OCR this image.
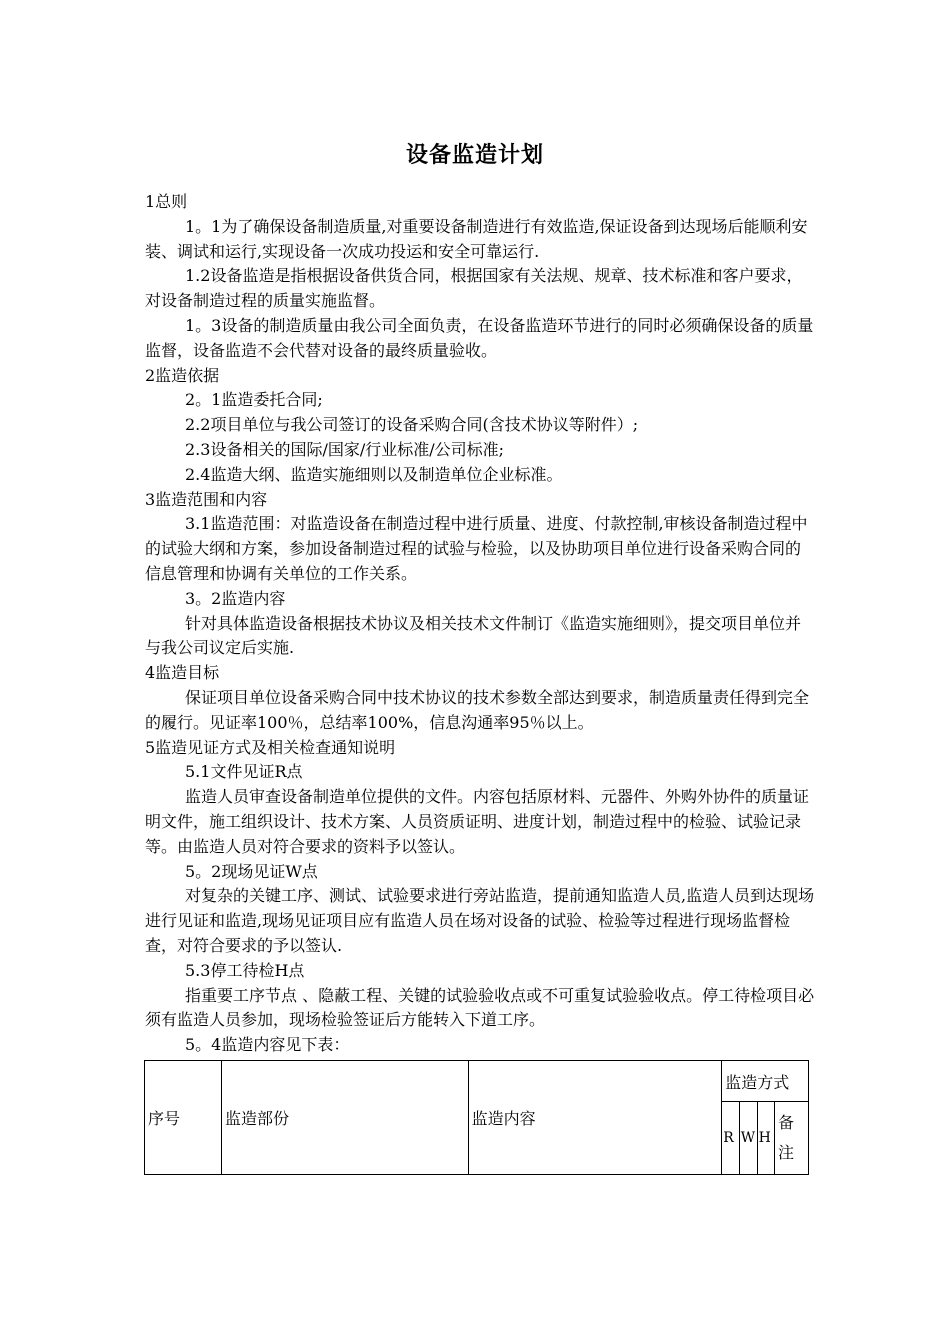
设备监造计划

1总则

1。1为了确保设备制造质量,对重要设备制造进行有效监造,保证设备到达现场后能顺利安装、调试和运行,实现设备一次成功投运和安全可靠运行.

1.2设备监造是指根据设备供货合同，根据国家有关法规、规章、技术标准和客户要求，对设备制造过程的质量实施监督。

1。3设备的制造质量由我公司全面负责，在设备监造环节进行的同时必须确保设备的质量监督，设备监造不会代替对设备的最终质量验收。

2监造依据

2。1监造委托合同;

2.2项目单位与我公司签订的设备采购合同(含技术协议等附件）;

2.3设备相关的国际/国家/行业标准/公司标准;

2.4监造大纲、监造实施细则以及制造单位企业标准。

3监造范围和内容

3.1监造范围：对监造设备在制造过程中进行质量、进度、付款控制,审核设备制造过程中的试验大纲和方案，参加设备制造过程的试验与检验，以及协助项目单位进行设备采购合同的信息管理和协调有关单位的工作关系。

3。2监造内容

针对具体监造设备根据技术协议及相关技术文件制订《监造实施细则》，提交项目单位并与我公司议定后实施.

4监造目标

保证项目单位设备采购合同中技术协议的技术参数全部达到要求，制造质量责任得到完全的履行。见证率100％，总结率100%，信息沟通率95％以上。

5监造见证方式及相关检查通知说明

5.1文件见证R点

监造人员审查设备制造单位提供的文件。内容包括原材料、元器件、外购外协件的质量证明文件，施工组织设计、技术方案、人员资质证明、进度计划，制造过程中的检验、试验记录等。由监造人员对符合要求的资料予以签认。

5。2现场见证W点

对复杂的关键工序、测试、试验要求进行旁站监造，提前通知监造人员,监造人员到达现场进行见证和监造,现场见证项目应有监造人员在场对设备的试验、检验等过程进行现场监督检查，对符合要求的予以签认.

5.3停工待检H点

指重要工序节点 、隐蔽工程、关键的试验验收点或不可重复试验验收点。停工待检项目必须有监造人员参加，现场检验签证后方能转入下道工序。

5。4监造内容见下表：

序号	监造部份	监造内容	监造方式			
			R	W	H	备注
